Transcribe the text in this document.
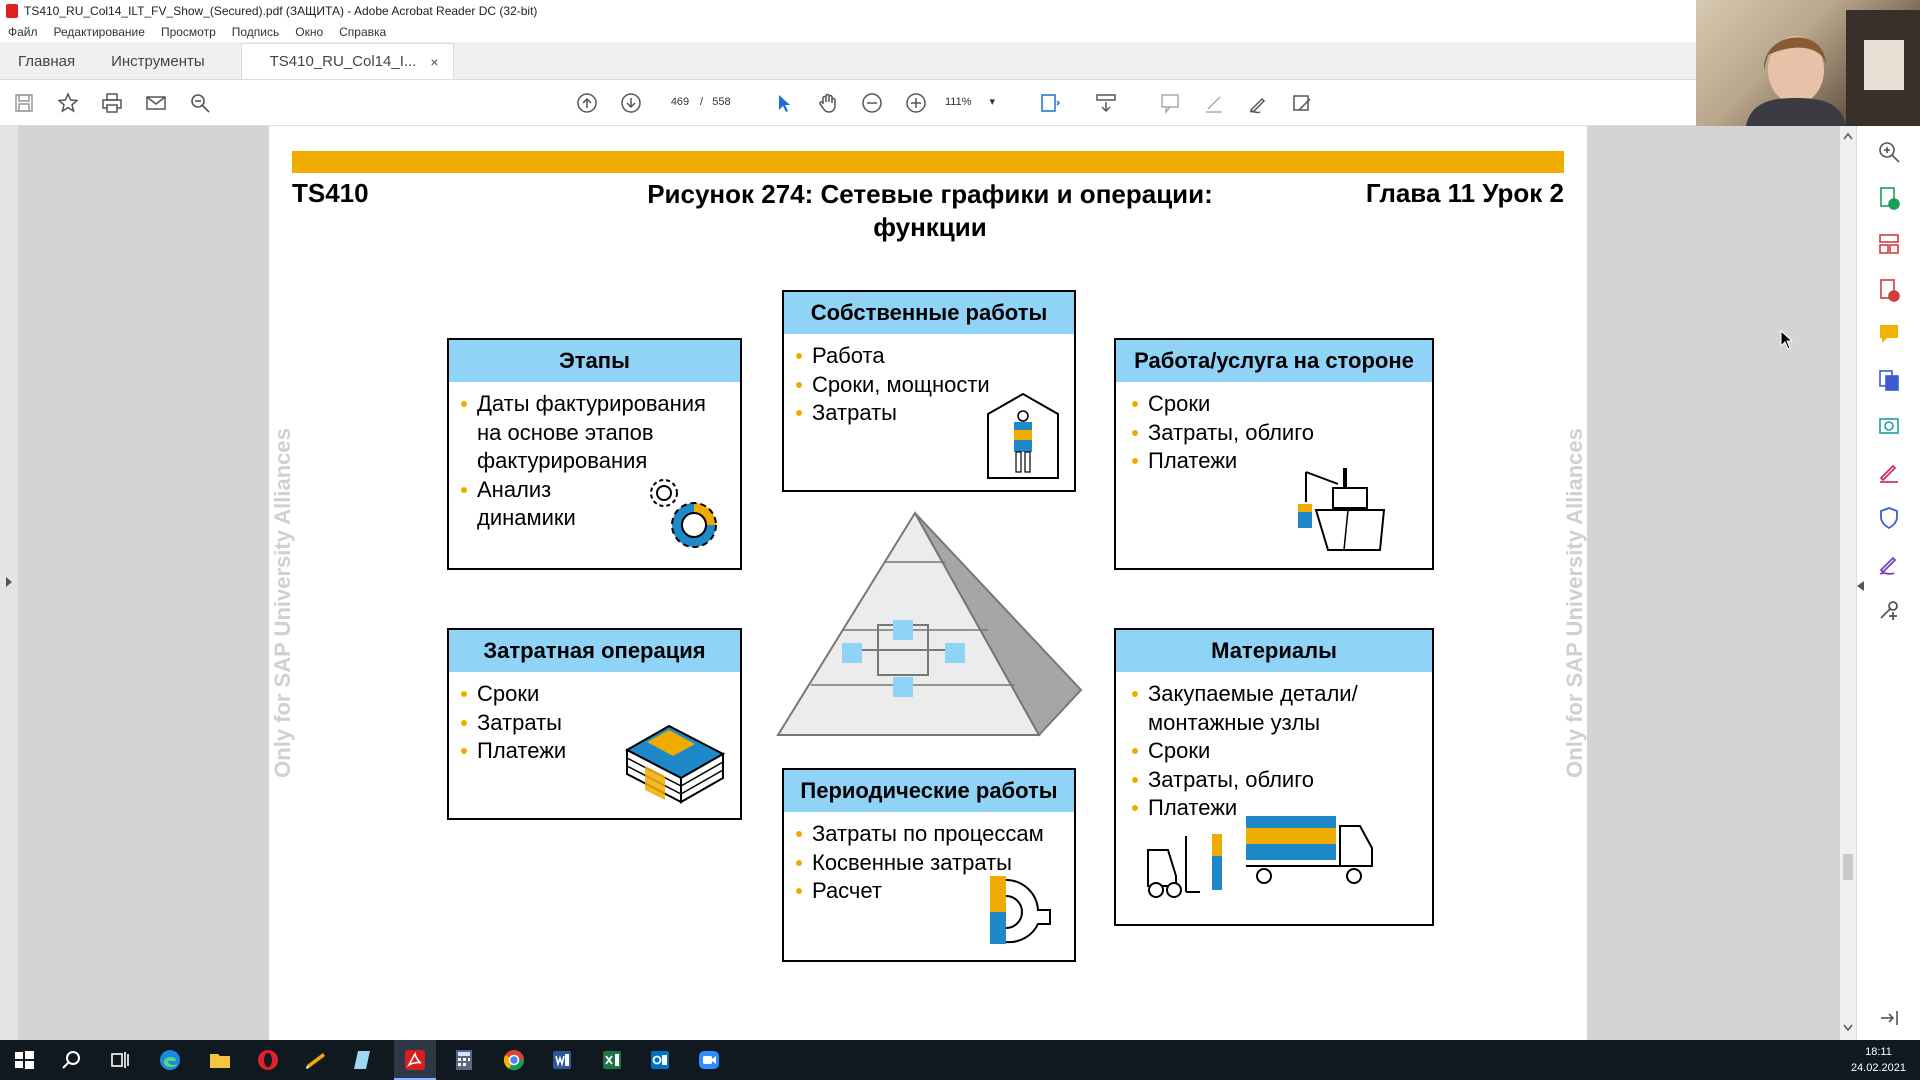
TS410_RU_Col14_ILT_FV_Show_(Secured).pdf (ЗАЩИТА) - Adobe Acrobat Reader DC (32-bit)
Файл Редактирование Просмотр Подпись Окно Справка
Главная Инструменты	TS410_RU_Col14_I... ×
469 / 558	111% ▾
TS410	Рисунок 274: Сетевые графики и операции:
функции
Глава 11 Урок 2
Only for SAP University Alliances	Only for SAP University Alliances
Этапы
Даты фактурирования на основе этапов фактурирования
Анализ динамики
Собственные работы
Работа
Сроки, мощности
Затраты
Работа/услуга на стороне
Сроки
Затраты, облиго
Платежи
Затратная операция
Сроки
Затраты
Платежи
Периодические работы
Затраты по процессам
Косвенные затраты
Расчет
Материалы
Закупаемые детали/ монтажные узлы
Сроки
Затраты, облиго
Платежи
18:11
24.02.2021
